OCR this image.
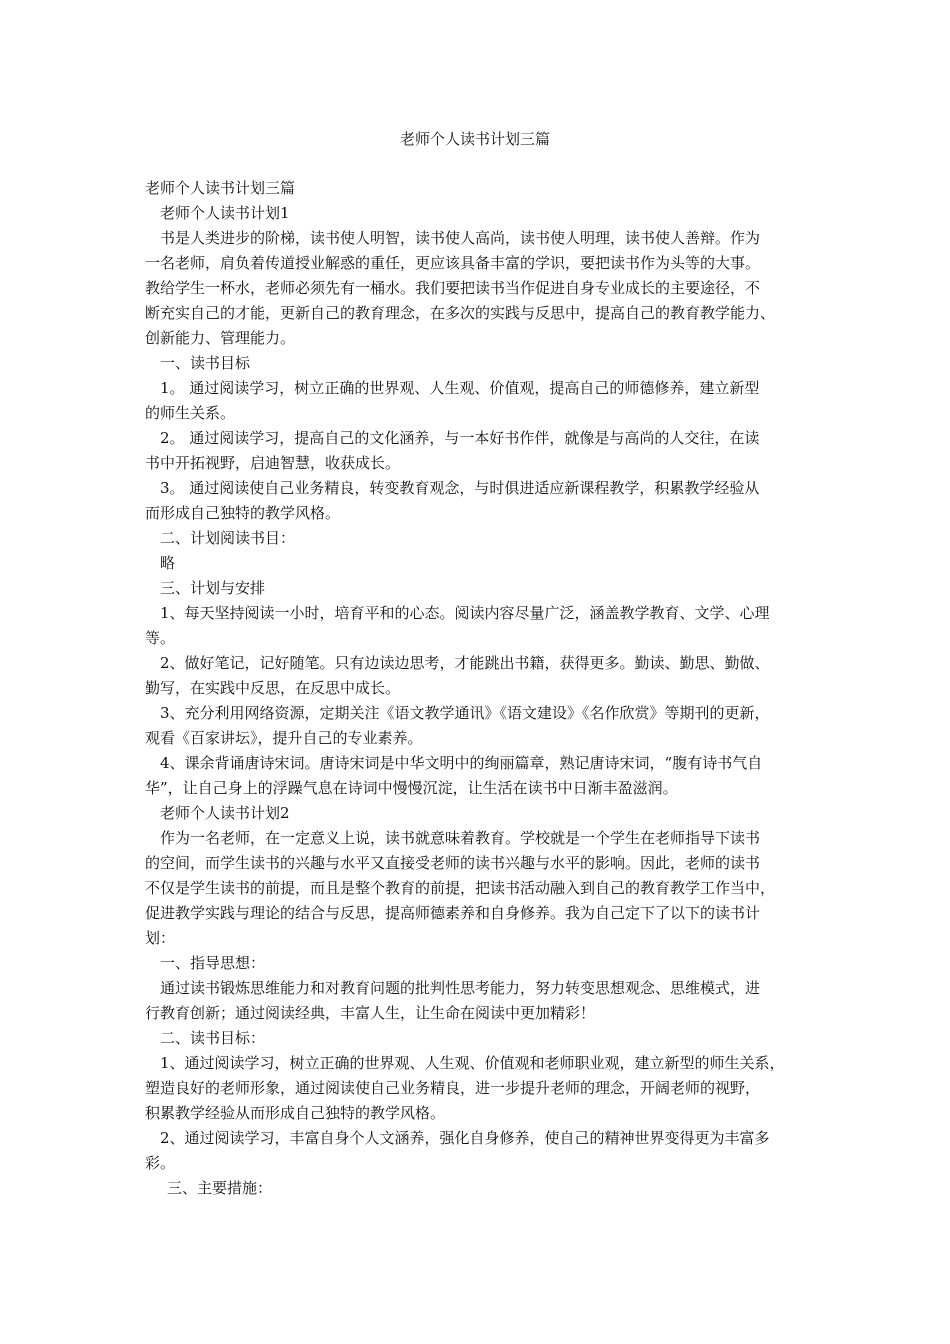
老师个人读书计划三篇
老师个人读书计划三篇
老师个人读书计划1
书是人类进步的阶梯，读书使人明智，读书使人高尚，读书使人明理，读书使人善辩。作为
一名老师，肩负着传道授业解惑的重任，更应该具备丰富的学识，要把读书作为头等的大事。
教给学生一杯水，老师必须先有一桶水。我们要把读书当作促进自身专业成长的主要途径，不
断充实自己的才能，更新自己的教育理念，在多次的实践与反思中，提高自己的教育教学能力、
创新能力、管理能力。
一、读书目标
1。 通过阅读学习，树立正确的世界观、人生观、价值观，提高自己的师德修养，建立新型
的师生关系。
2。 通过阅读学习，提高自己的文化涵养，与一本好书作伴，就像是与高尚的人交往，在读
书中开拓视野，启迪智慧，收获成长。
3。 通过阅读使自己业务精良，转变教育观念，与时俱进适应新课程教学，积累教学经验从
而形成自己独特的教学风格。
二、计划阅读书目：
略
三、计划与安排
1、每天坚持阅读一小时，培育平和的心态。阅读内容尽量广泛，涵盖教学教育、文学、心理
等。
2、做好笔记，记好随笔。只有边读边思考，才能跳出书籍，获得更多。勤读、勤思、勤做、
勤写，在实践中反思，在反思中成长。
3、充分利用网络资源，定期关注《语文教学通讯》《语文建设》《名作欣赏》等期刊的更新，
观看《百家讲坛》，提升自己的专业素养。
4、课余背诵唐诗宋词。唐诗宋词是中华文明中的绚丽篇章，熟记唐诗宋词，“腹有诗书气自
华”，让自己身上的浮躁气息在诗词中慢慢沉淀，让生活在读书中日渐丰盈滋润。
老师个人读书计划2
作为一名老师，在一定意义上说，读书就意味着教育。学校就是一个学生在老师指导下读书
的空间，而学生读书的兴趣与水平又直接受老师的读书兴趣与水平的影响。因此，老师的读书
不仅是学生读书的前提，而且是整个教育的前提，把读书活动融入到自己的教育教学工作当中，
促进教学实践与理论的结合与反思，提高师德素养和自身修养。我为自己定下了以下的读书计
划：
一、指导思想：
通过读书锻炼思维能力和对教育问题的批判性思考能力，努力转变思想观念、思维模式，进
行教育创新；通过阅读经典，丰富人生，让生命在阅读中更加精彩！
二、读书目标：
1、通过阅读学习，树立正确的世界观、人生观、价值观和老师职业观，建立新型的师生关系，
塑造良好的老师形象，通过阅读使自己业务精良，进一步提升老师的理念，开阔老师的视野，
积累教学经验从而形成自己独特的教学风格。
2、通过阅读学习，丰富自身个人文涵养，强化自身修养，使自己的精神世界变得更为丰富多
彩。
三、主要措施：
